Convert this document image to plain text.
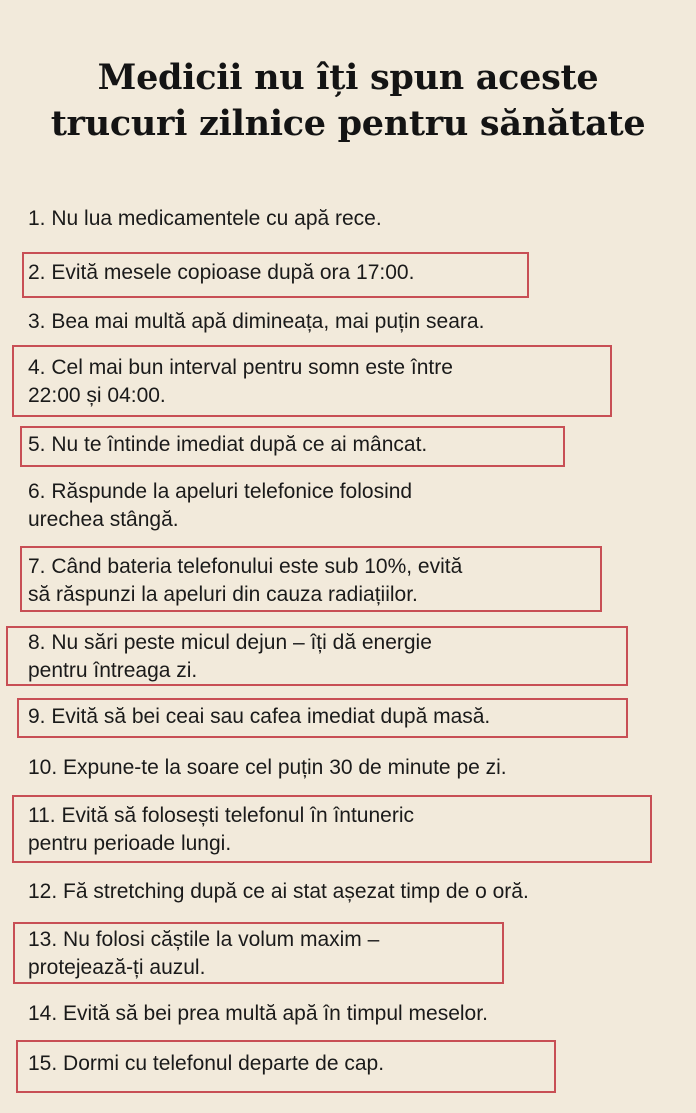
Medicii nu îți spun aceste
trucuri zilnice pentru sănătate
1. Nu lua medicamentele cu apă rece.
2. Evită mesele copioase după ora 17:00.
3. Bea mai multă apă dimineața, mai puțin seara.
4. Cel mai bun interval pentru somn este între
22:00 și 04:00.
5. Nu te întinde imediat după ce ai mâncat.
6. Răspunde la apeluri telefonice folosind
urechea stângă.
7. Când bateria telefonului este sub 10%, evită
să răspunzi la apeluri din cauza radiațiilor.
8. Nu sări peste micul dejun – îți dă energie
pentru întreaga zi.
9. Evită să bei ceai sau cafea imediat după masă.
10. Expune-te la soare cel puțin 30 de minute pe zi.
11. Evită să folosești telefonul în întuneric
pentru perioade lungi.
12. Fă stretching după ce ai stat așezat timp de o oră.
13. Nu folosi căștile la volum maxim –
protejează-ți auzul.
14. Evită să bei prea multă apă în timpul meselor.
15. Dormi cu telefonul departe de cap.
